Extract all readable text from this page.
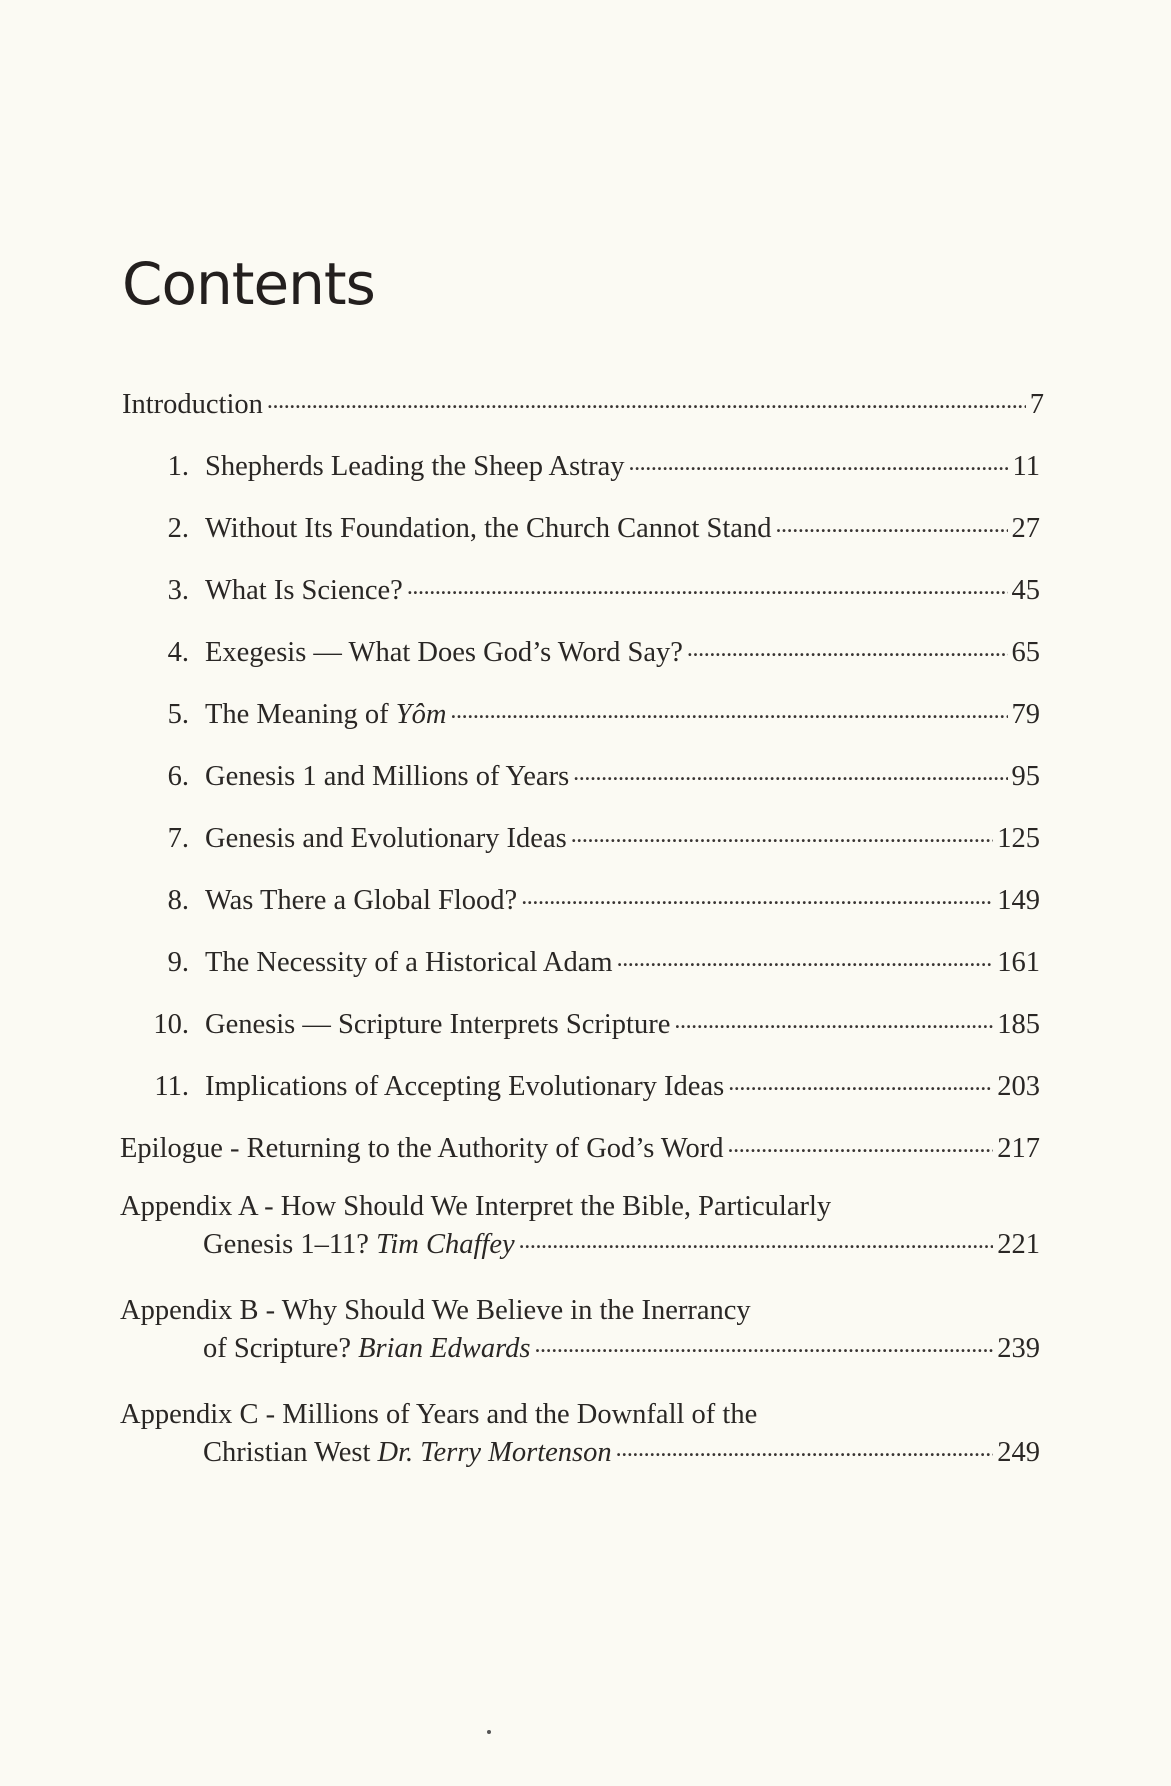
Contents
Introduction . . .	7
1. Shepherds Leading the Sheep Astray . . .	11
2. Without Its Foundation, the Church Cannot Stand . . .	27
3. What Is Science? . . .	45
4. Exegesis — What Does God’s Word Say? . . .	65
5. The Meaning of Yôm . . .	79
6. Genesis 1 and Millions of Years . . .	95
7. Genesis and Evolutionary Ideas . . .	125
8. Was There a Global Flood? . . .	149
9. The Necessity of a Historical Adam . . .	161
10. Genesis — Scripture Interprets Scripture . . .	185
11. Implications of Accepting Evolutionary Ideas . . .	203
Epilogue - Returning to the Authority of God’s Word . . .	217
Appendix A - How Should We Interpret the Bible, Particularly
Genesis 1–11? Tim Chaffey . . .	221
Appendix B - Why Should We Believe in the Inerrancy
of Scripture? Brian Edwards . . .	239
Appendix C - Millions of Years and the Downfall of the
Christian West Dr. Terry Mortenson . . .	249
